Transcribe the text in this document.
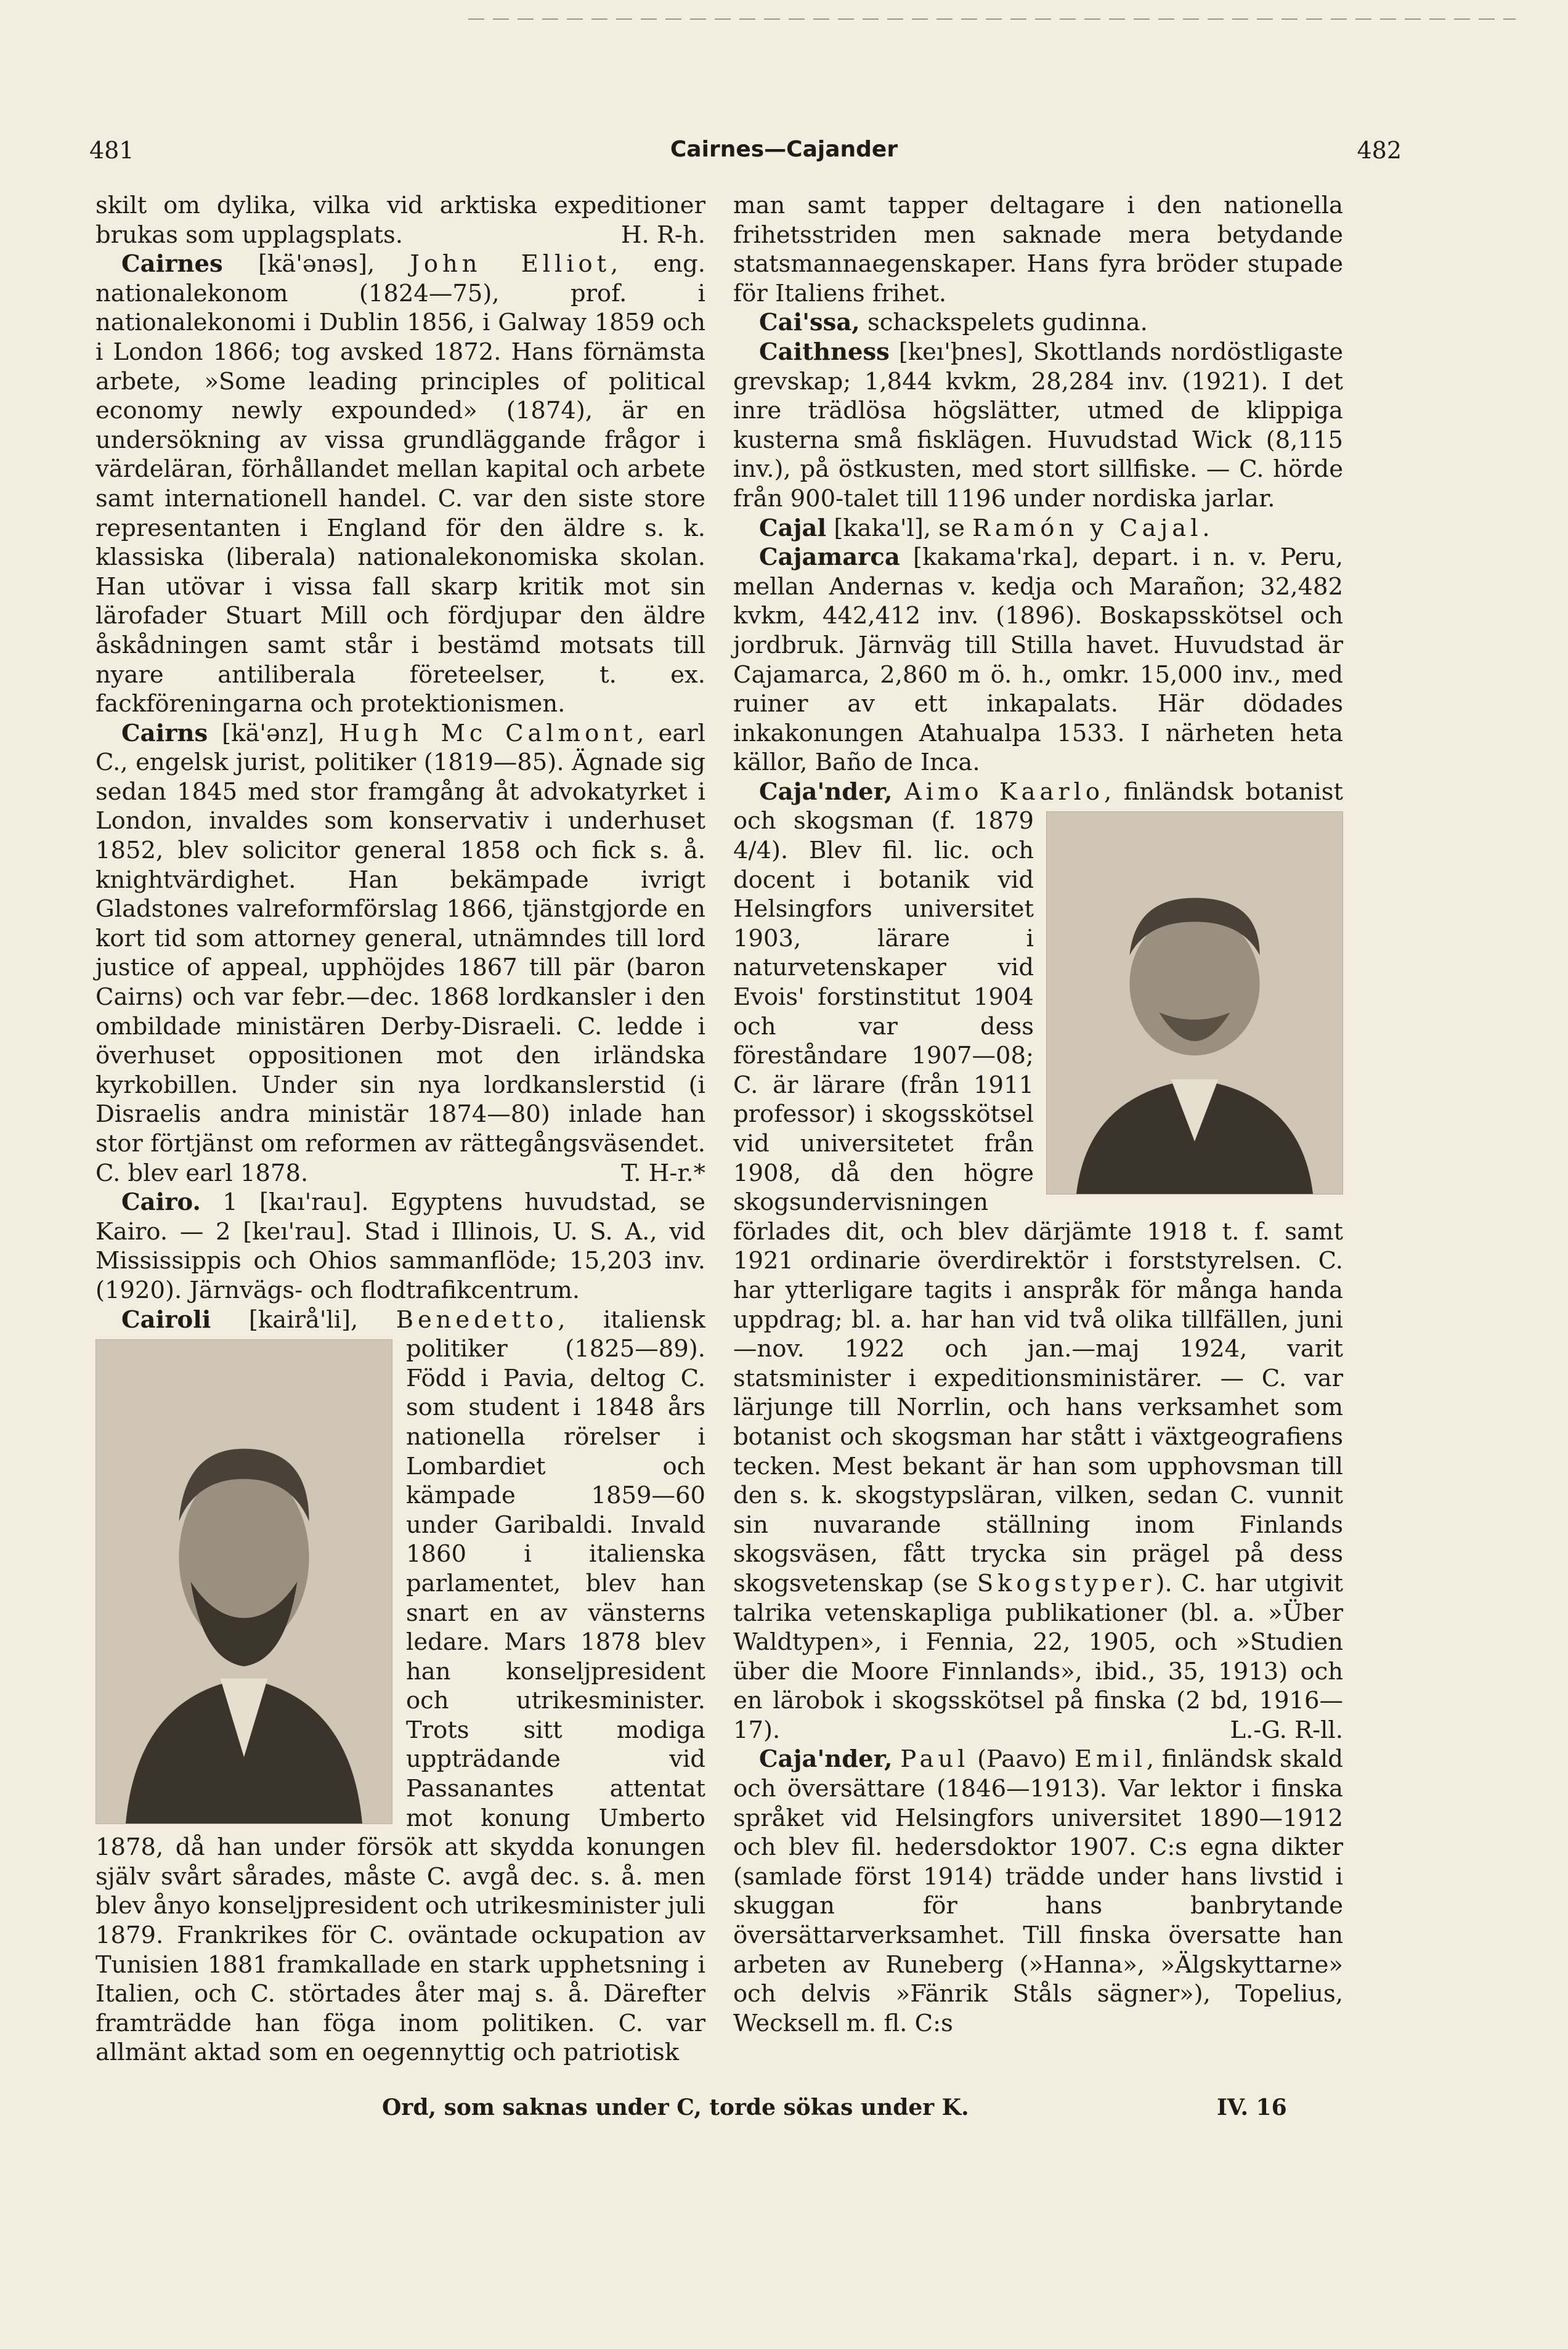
481	Cairnes—Cajander	482

skilt om dylika, vilka vid arktiska expeditioner brukas som upplagsplats.	H. R-h.

Cairnes [kä'ənəs], John Elliot, eng. nationalekonom (1824—75), prof. i nationalekonomi i Dublin 1856, i Galway 1859 och i London 1866; tog avsked 1872. Hans förnämsta arbete, »Some leading principles of political economy newly expounded» (1874), är en undersökning av vissa grundläggande frågor i värdeläran, förhållandet mellan kapital och arbete samt internationell handel. C. var den siste store representanten i England för den äldre s. k. klassiska (liberala) nationalekonomiska skolan. Han utövar i vissa fall skarp kritik mot sin lärofader Stuart Mill och fördjupar den äldre åskådningen samt står i bestämd motsats till nyare antiliberala företeelser, t. ex. fackföreningarna och protektionismen.

Cairns [kä'ənz], Hugh Mc Calmont, earl C., engelsk jurist, politiker (1819—85). Ägnade sig sedan 1845 med stor framgång åt advokatyrket i London, invaldes som konservativ i underhuset 1852, blev solicitor general 1858 och fick s. å. knightvärdighet. Han bekämpade ivrigt Gladstones valreformförslag 1866, tjänstgjorde en kort tid som attorney general, utnämndes till lord justice of appeal, upphöjdes 1867 till pär (baron Cairns) och var febr.—dec. 1868 lordkansler i den ombildade ministären Derby-Disraeli. C. ledde i överhuset oppositionen mot den irländska kyrkobillen. Under sin nya lordkanslerstid (i Disraelis andra ministär 1874—80) inlade han stor förtjänst om reformen av rättegångsväsendet. C. blev earl 1878.	T. H-r.*

Cairo. 1 [kaı'rau]. Egyptens huvudstad, se Kairo. — 2 [keı'rau]. Stad i Illinois, U. S. A., vid Mississippis och Ohios sammanflöde; 15,203 inv. (1920). Järnvägs- och flodtrafikcentrum.

Cairoli [kairå'li], Benedetto
, italiensk politiker (1825—89). Född i Pavia, deltog C. som student i 1848 års nationella rörelser i Lombardiet och kämpade 1859—60 under Garibaldi. Invald 1860 i italienska parlamentet, blev han snart en av vänsterns ledare. Mars 1878 blev han konseljpresident och utrikesminister. Trots sitt modiga uppträdande vid Passanantes attentat mot konung Umberto 1878, då han under försök att skydda konungen själv svårt sårades, måste C. avgå dec. s. å. men blev ånyo konseljpresident och utrikesminister juli 1879. Frankrikes för C. oväntade ockupation av Tunisien 1881 framkallade en stark upphetsning i Italien, och C. störtades åter maj s. å. Därefter framträdde han föga inom politiken. C. var allmänt aktad som en oegennyttig och patriotisk

man samt tapper deltagare i den nationella frihetsstriden men saknade mera betydande statsmannaegenskaper. Hans fyra bröder stupade för Italiens frihet.

Cai'ssa, schackspelets gudinna.

Caithness [keı'þnes], Skottlands nordöstligaste grevskap; 1,844 kvkm, 28,284 inv. (1921). I det inre trädlösa högslätter, utmed de klippiga kusterna små fisklägen. Huvudstad Wick (8,115 inv.), på östkusten, med stort sillfiske. — C. hörde från 900-talet till 1196 under nordiska jarlar.

Cajal [kaka'l], se Ramón y Cajal.

Cajamarca [kakama'rka], depart. i n. v. Peru, mellan Andernas v. kedja och Marañon; 32,482 kvkm, 442,412 inv. (1896). Boskapsskötsel och jordbruk. Järnväg till Stilla havet. Huvudstad är Cajamarca, 2,860 m ö. h., omkr. 15,000 inv., med ruiner av ett inkapalats. Här dödades inkakonungen Atahualpa 1533. I närheten heta källor, Baño de Inca.

Caja'nder, Aimo Kaarlo
, finländsk botanist och skogsman (f. 1879 4/4). Blev fil. lic. och docent i botanik vid Helsingfors universitet 1903, lärare i naturvetenskaper vid Evois' forstinstitut 1904 och var dess föreståndare 1907—08; C. är lärare (från 1911 professor) i skogsskötsel vid universitetet från 1908, då den högre skogsundervisningen förlades dit, och blev därjämte 1918 t. f. samt 1921 ordinarie överdirektör i forststyrelsen. C. har ytterligare tagits i anspråk för många handa uppdrag; bl. a. har han vid två olika tillfällen, juni—nov. 1922 och jan.—maj 1924, varit statsminister i expeditionsministärer. — C. var lärjunge till Norrlin, och hans verksamhet som botanist och skogsman har stått i växtgeografiens tecken. Mest bekant är han som upphovsman till den s. k. skogstypsläran, vilken, sedan C. vunnit sin nuvarande ställning inom Finlands skogsväsen, fått trycka sin prägel på dess skogsvetenskap (se Skogstyper). C. har utgivit talrika vetenskapliga publikationer (bl. a. »Über Waldtypen», i Fennia, 22, 1905, och »Studien über die Moore Finnlands», ibid., 35, 1913) och en lärobok i skogsskötsel på finska (2 bd, 1916—17).	L.-G. R-ll.

Caja'nder, Paul (Paavo) Emil, finländsk skald och översättare (1846—1913). Var lektor i finska språket vid Helsingfors universitet 1890—1912 och blev fil. hedersdoktor 1907. C:s egna dikter (samlade först 1914) trädde under hans livstid i skuggan för hans banbrytande översättarverksamhet. Till finska översatte han arbeten av Runeberg (»Hanna», »Älgskyttarne» och delvis »Fänrik Ståls sägner»), Topelius, Wecksell m. fl. C:s

Ord, som saknas under C, torde sökas under K.	IV. 16
